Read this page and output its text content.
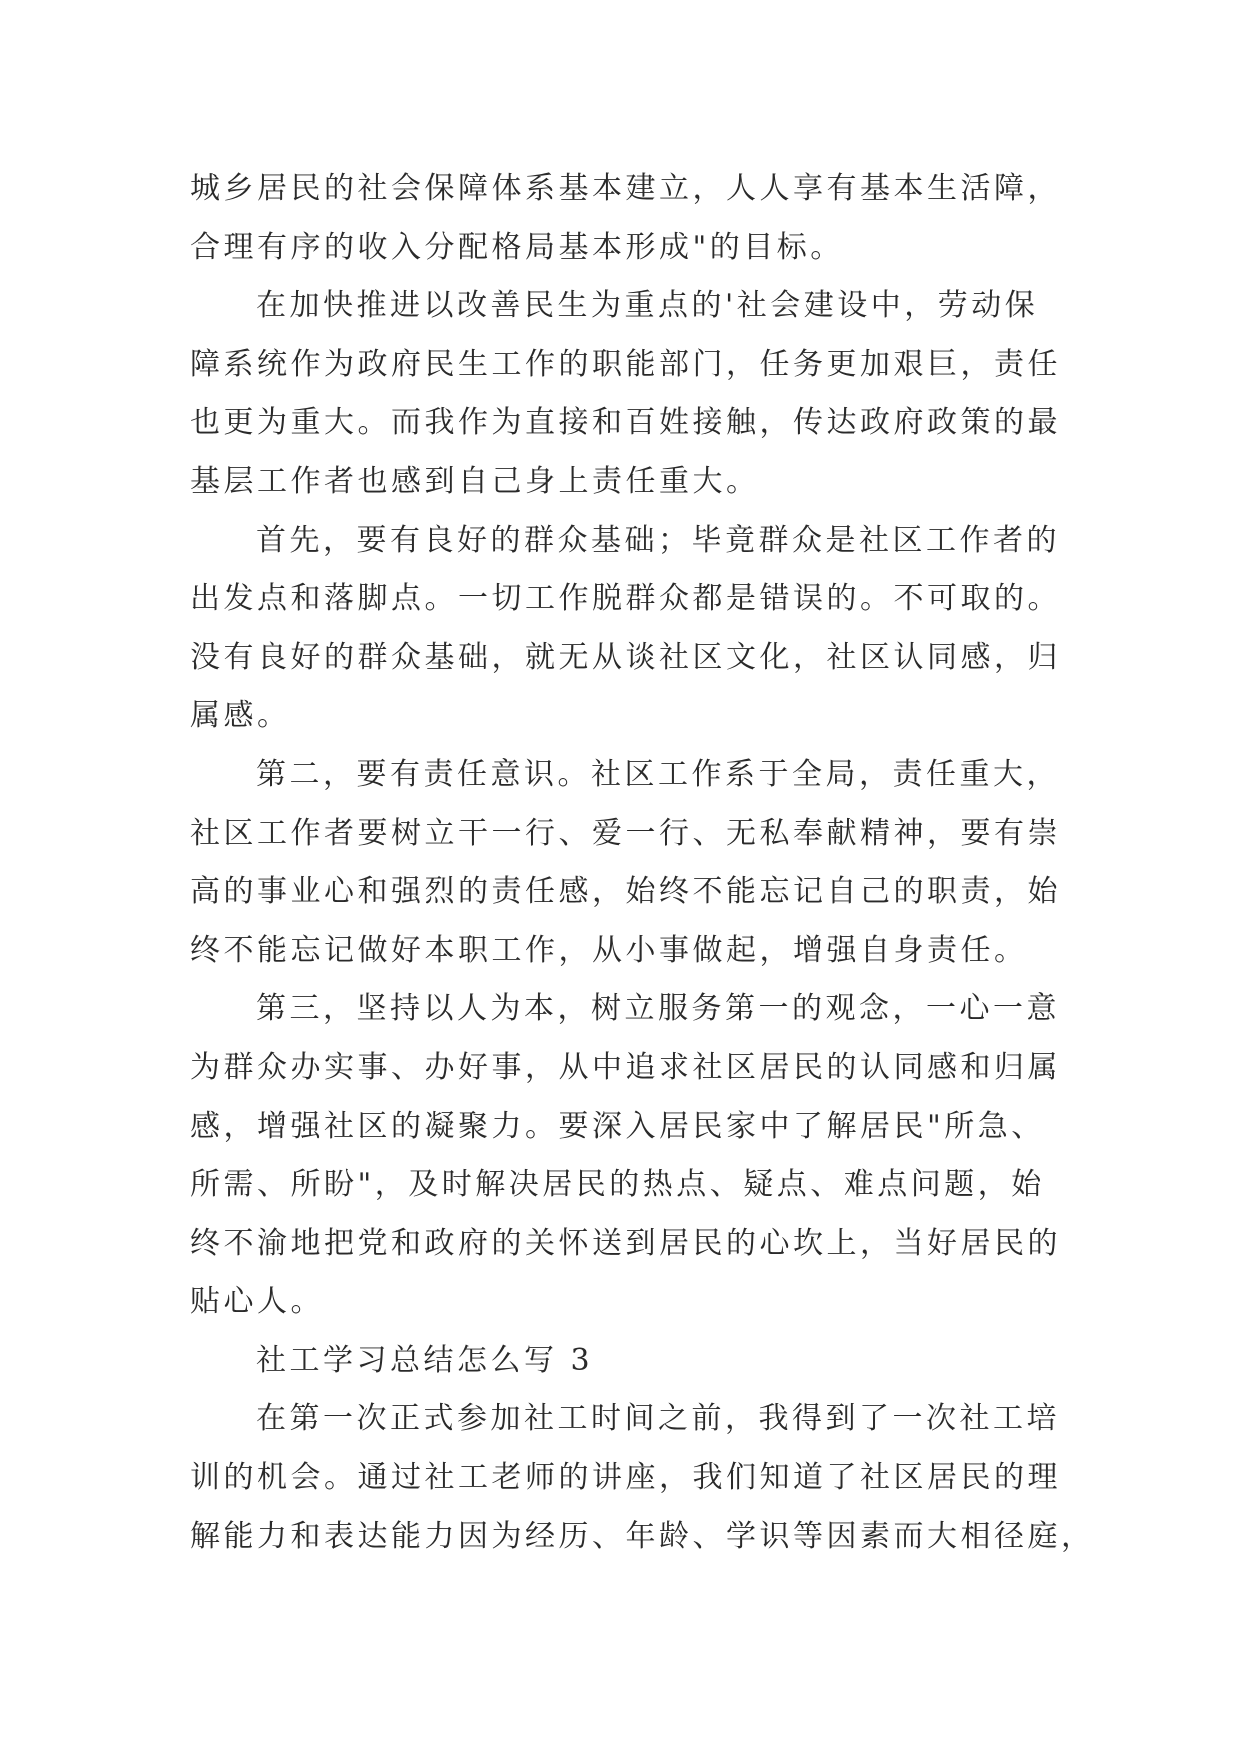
城乡居民的社会保障体系基本建立，人人享有基本生活障，
合理有序的收入分配格局基本形成"的目标。
在加快推进以改善民生为重点的'社会建设中，劳动保
障系统作为政府民生工作的职能部门，任务更加艰巨，责任
也更为重大。而我作为直接和百姓接触，传达政府政策的最
基层工作者也感到自己身上责任重大。
首先，要有良好的群众基础；毕竟群众是社区工作者的
出发点和落脚点。一切工作脱群众都是错误的。不可取的。
没有良好的群众基础，就无从谈社区文化，社区认同感，归
属感。
第二，要有责任意识。社区工作系于全局，责任重大，
社区工作者要树立干一行、爱一行、无私奉献精神，要有崇
高的事业心和强烈的责任感，始终不能忘记自己的职责，始
终不能忘记做好本职工作，从小事做起，增强自身责任。
第三，坚持以人为本，树立服务第一的观念，一心一意
为群众办实事、办好事，从中追求社区居民的认同感和归属
感，增强社区的凝聚力。要深入居民家中了解居民"所急、
所需、所盼"，及时解决居民的热点、疑点、难点问题，始
终不渝地把党和政府的关怀送到居民的心坎上，当好居民的
贴心人。
社工学习总结怎么写 3
在第一次正式参加社工时间之前，我得到了一次社工培
训的机会。通过社工老师的讲座，我们知道了社区居民的理
解能力和表达能力因为经历、年龄、学识等因素而大相径庭，
